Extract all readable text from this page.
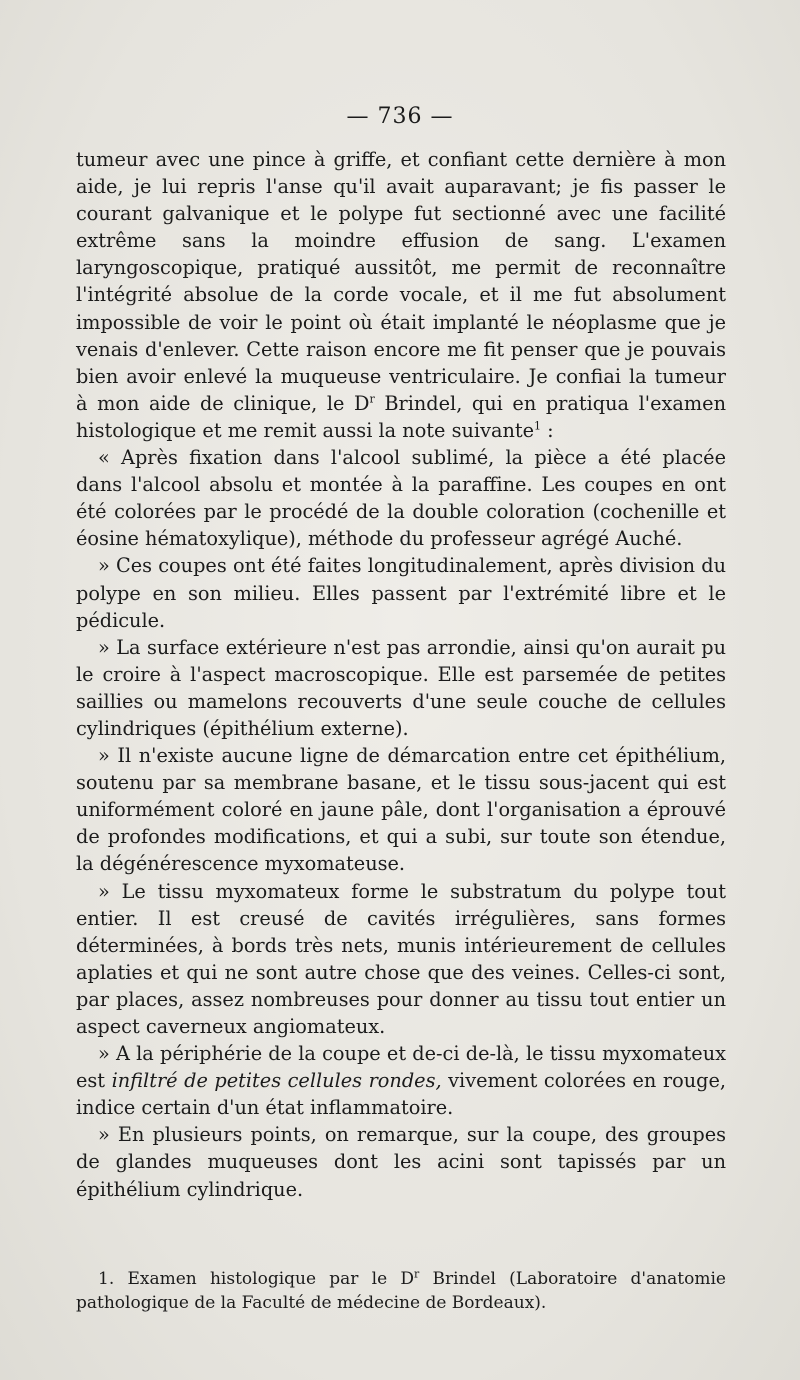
— 736 —

tumeur avec une pince à griffe, et confiant cette dernière à mon aide, je lui repris l'anse qu'il avait auparavant; je fis passer le courant galvanique et le polype fut sectionné avec une facilité extrême sans la moindre effusion de sang. L'examen laryngoscopique, pratiqué aussitôt, me permit de reconnaître l'intégrité absolue de la corde vocale, et il me fut absolument impossible de voir le point où était implanté le néoplasme que je venais d'enlever. Cette raison encore me fit penser que je pouvais bien avoir enlevé la muqueuse ventriculaire. Je confiai la tumeur à mon aide de clinique, le $D^r$ Brindel, qui en pratiqua l'examen histologique et me remit aussi la note suivante$^1$ :

« Après fixation dans l'alcool sublimé, la pièce a été placée dans l'alcool absolu et montée à la paraffine. Les coupes en ont été colorées par le procédé de la double coloration (cochenille et éosine hématoxylique), méthode du professeur agrégé Auché.

» Ces coupes ont été faites longitudinalement, après division du polype en son milieu. Elles passent par l'extrémité libre et le pédicule.

» La surface extérieure n'est pas arrondie, ainsi qu'on aurait pu le croire à l'aspect macroscopique. Elle est parsemée de petites saillies ou mamelons recouverts d'une seule couche de cellules cylindriques (épithélium externe).

» Il n'existe aucune ligne de démarcation entre cet épithélium, soutenu par sa membrane basane, et le tissu sous-jacent qui est uniformément coloré en jaune pâle, dont l'organisation a éprouvé de profondes modifications, et qui a subi, sur toute son étendue, la dégénérescence myxomateuse.

» Le tissu myxomateux forme le substratum du polype tout entier. Il est creusé de cavités irrégulières, sans formes déterminées, à bords très nets, munis intérieurement de cellules aplaties et qui ne sont autre chose que des veines. Celles-ci sont, par places, assez nombreuses pour donner au tissu tout entier un aspect caverneux angiomateux.

» A la périphérie de la coupe et de-ci de-là, le tissu myxomateux est infiltré de petites cellules rondes, vivement colorées en rouge, indice certain d'un état inflammatoire.

» En plusieurs points, on remarque, sur la coupe, des groupes de glandes muqueuses dont les acini sont tapissés par un épithélium cylindrique.

1. Examen histologique par le $D^r$ Brindel (Laboratoire d'anatomie pathologique de la Faculté de médecine de Bordeaux).
